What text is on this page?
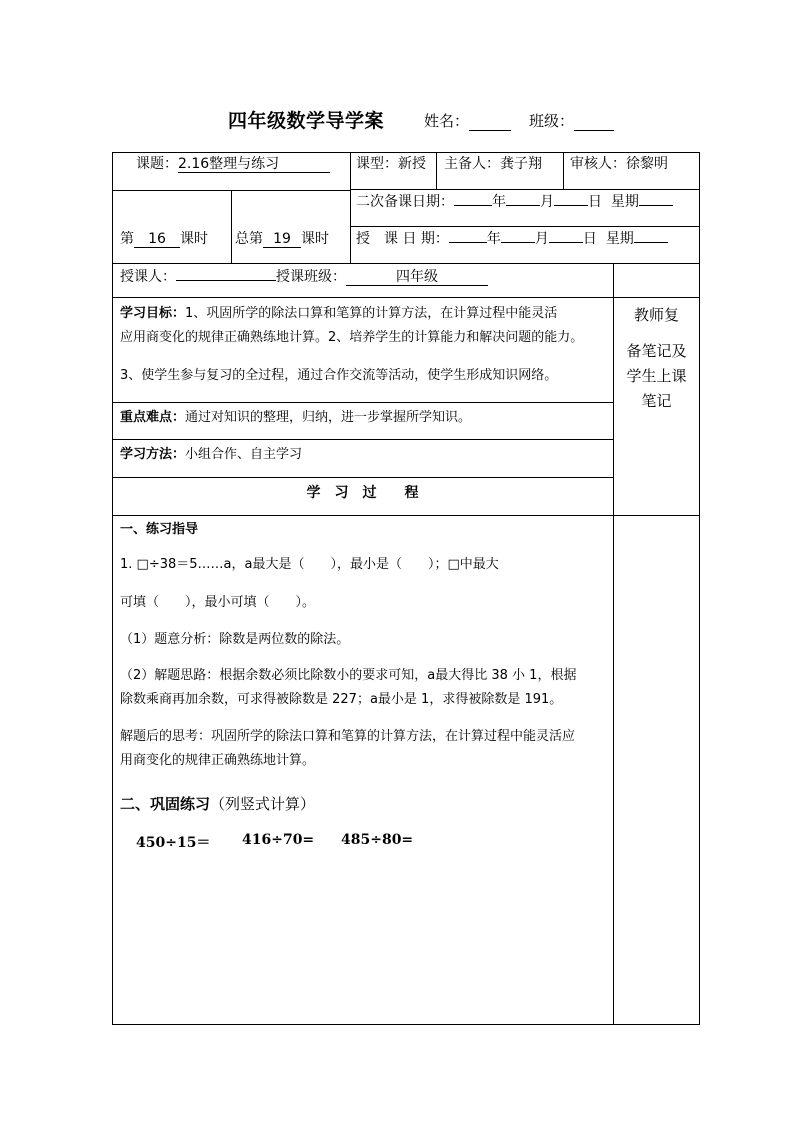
四年级数学导学案	姓名：	班级：
课题：2.16整理与练习	课型：新授 主备人：龚子翔 审核人：徐黎明
二次备课日期：	年 月 日 星期
授　课 日 期：	年 月 日 星期
第 16 课时 总第 19 课时
授课人：	授课班级：	四年级
教师复
备笔记及
学生上课
笔记
学习目标：1、巩固所学的除法口算和笔算的计算方法，在计算过程中能灵活
应用商变化的规律正确熟练地计算。2、培养学生的计算能力和解决问题的能力。
3、使学生参与复习的全过程，通过合作交流等活动，使学生形成知识网络。
重点难点：通过对知识的整理，归纳，进一步掌握所学知识。
学习方法：小组合作、自主学习
学　习　过　　程
一、练习指导
1. □÷38＝5……a，a最大是（　　），最小是（　　）；□中最大
可填（　　），最小可填（　　）。
（1）题意分析：除数是两位数的除法。
（2）解题思路：根据余数必须比除数小的要求可知，a最大得比 38 小 1，根据
除数乘商再加余数，可求得被除数是 227；a最小是 1，求得被除数是 191。
解题后的思考：巩固所学的除法口算和笔算的计算方法，在计算过程中能灵活应
用商变化的规律正确熟练地计算。
二、巩固练习（列竖式计算）
450÷15＝ 416÷70= 485÷80=
